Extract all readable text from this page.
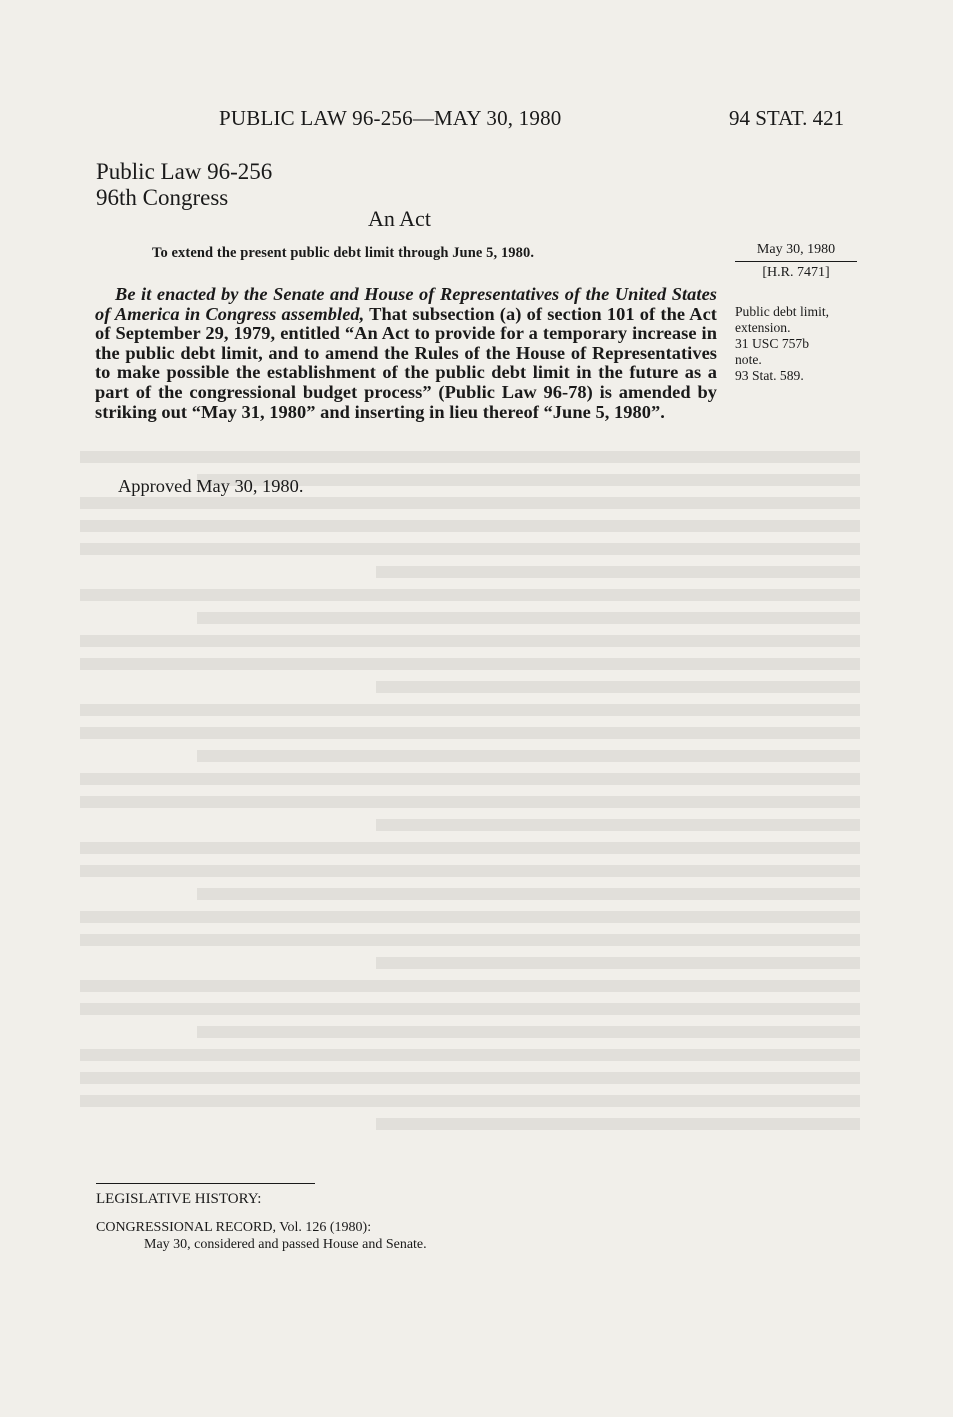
PUBLIC LAW 96-256—MAY 30, 1980	94 STAT. 421
Public Law 96-256
96th Congress
An Act
To extend the present public debt limit through June 5, 1980.

Be it enacted by the Senate and House of Representatives of the United States of America in Congress assembled, That subsection (a) of section 101 of the Act of September 29, 1979, entitled “An Act to provide for a temporary increase in the public debt limit, and to amend the Rules of the House of Representatives to make possible the establishment of the public debt limit in the future as a part of the congressional budget process” (Public Law 96-78) is amended by striking out “May 31, 1980” and inserting in lieu thereof “June 5, 1980”.

Approved May 30, 1980.
May 30, 1980
[H.R. 7471]
Public debt limit,
extension.
31 USC 757b
note.
93 Stat. 589.
LEGISLATIVE HISTORY:
CONGRESSIONAL RECORD, Vol. 126 (1980):
May 30, considered and passed House and Senate.
